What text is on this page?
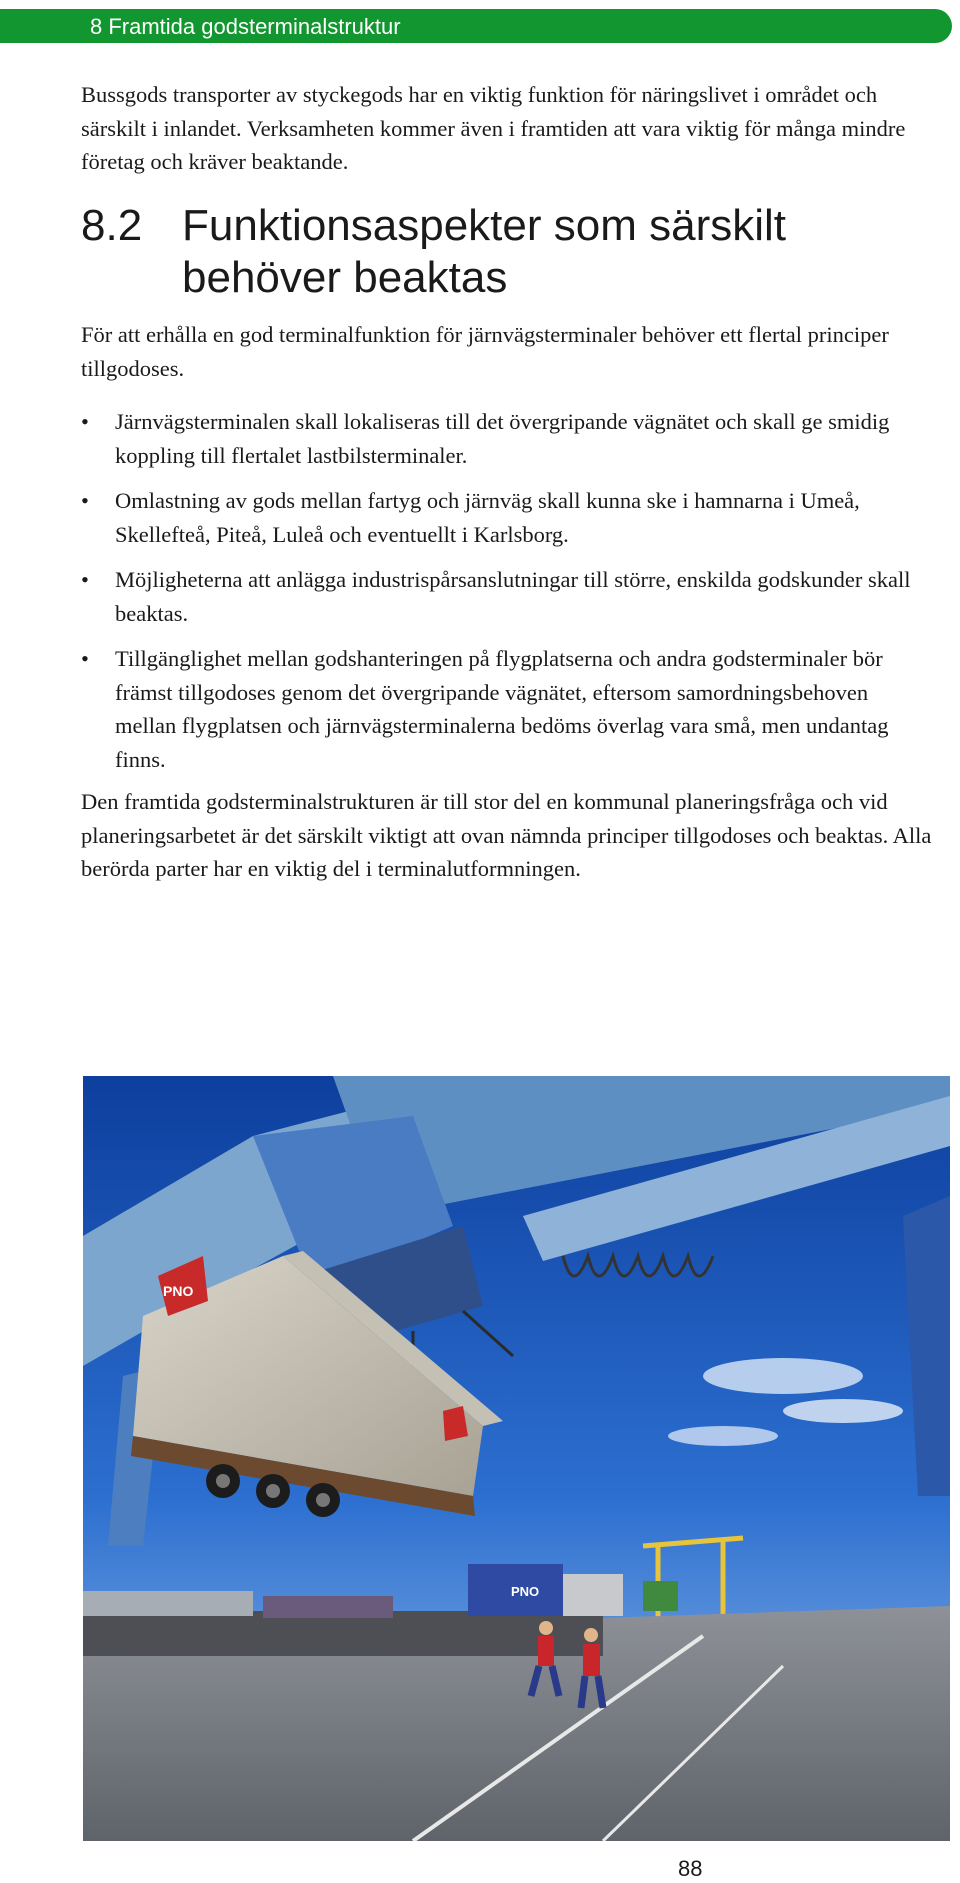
8 Framtida godsterminalstruktur

Bussgods transporter av styckegods har en viktig funktion för näringslivet i området och särskilt i inlandet. Verksamheten kommer även i framtiden att vara viktig för många mindre företag och kräver beaktande.

8.2 Funktionsaspekter som särskilt
behöver beaktas

För att erhålla en god terminalfunktion för järnvägsterminaler behöver ett flertal principer tillgodoses.

• Järnvägsterminalen skall lokaliseras till det övergripande vägnätet och skall ge smidig koppling till flertalet lastbilsterminaler.
• Omlastning av gods mellan fartyg och järnväg skall kunna ske i hamnarna i Umeå, Skellefteå, Piteå, Luleå och eventuellt i Karlsborg.
• Möjligheterna att anlägga industrispårsanslutningar till större, enskilda godskunder skall beaktas.
• Tillgänglighet mellan godshanteringen på flygplatserna och andra godsterminaler bör främst tillgodoses genom det övergripande vägnätet, eftersom samordningsbehoven mellan flygplatsen och järnvägsterminalerna bedöms överlag vara små, men undantag finns.

Den framtida godsterminalstrukturen är till stor del en kommunal planeringsfråga och vid planeringsarbetet är det särskilt viktigt att ovan nämnda principer tillgodoses och beaktas. Alla berörda parter har en viktig del i terminalutformningen.

PNO
PNO
88
